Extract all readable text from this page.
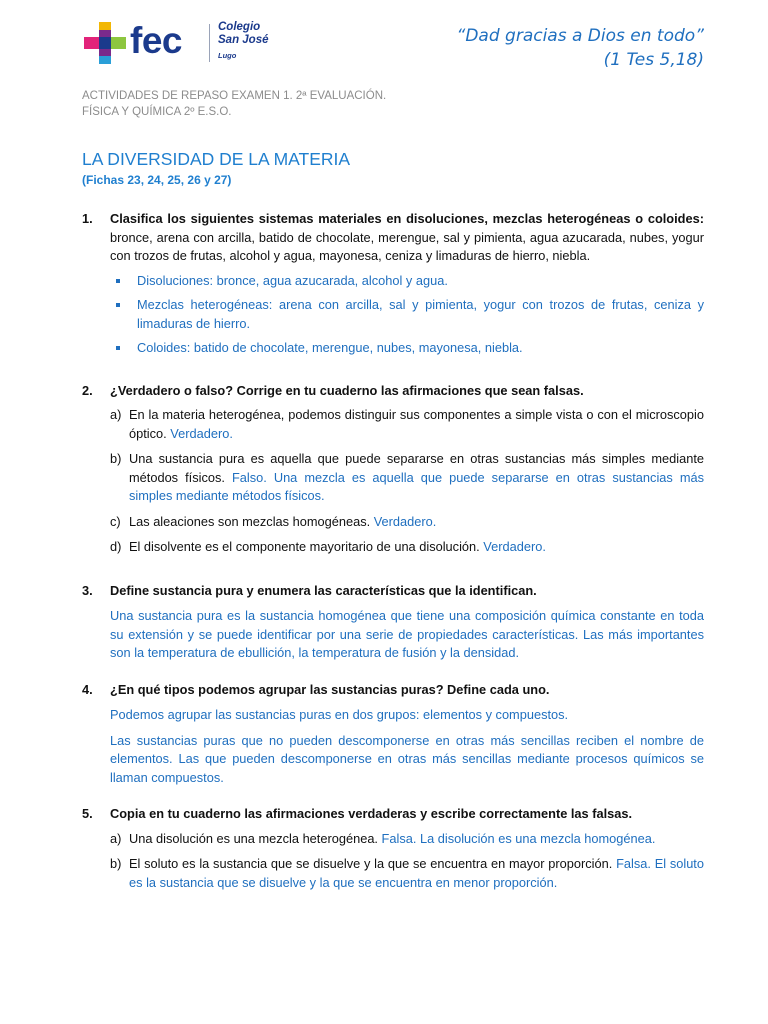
fec	Colegio
San José
Lugo
“Dad gracias a Dios en todo”
(1 Tes 5,18)
ACTIVIDADES DE REPASO EXAMEN 1. 2ª EVALUACIÓN.
FÍSICA Y QUÍMICA 2º E.S.O.
LA DIVERSIDAD DE LA MATERIA
(Fichas 23, 24, 25, 26 y 27)
1. Clasifica los siguientes sistemas materiales en disoluciones, mezclas heterogéneas o coloides: bronce, arena con arcilla, batido de chocolate, merengue, sal y pimienta, agua azucarada, nubes, yogur con trozos de frutas, alcohol y agua, mayonesa, ceniza y limaduras de hierro, niebla.
Disoluciones: bronce, agua azucarada, alcohol y agua.
Mezclas heterogéneas: arena con arcilla, sal y pimienta, yogur con trozos de frutas, ceniza y limaduras de hierro.
Coloides: batido de chocolate, merengue, nubes, mayonesa, niebla.
2. ¿Verdadero o falso? Corrige en tu cuaderno las afirmaciones que sean falsas.
a) En la materia heterogénea, podemos distinguir sus componentes a simple vista o con el microscopio óptico. Verdadero.
b) Una sustancia pura es aquella que puede separarse en otras sustancias más simples mediante métodos físicos. Falso. Una mezcla es aquella que puede separarse en otras sustancias más simples mediante métodos físicos.
c) Las aleaciones son mezclas homogéneas. Verdadero.
d) El disolvente es el componente mayoritario de una disolución. Verdadero.
3. Define sustancia pura y enumera las características que la identifican.
Una sustancia pura es la sustancia homogénea que tiene una composición química constante en toda su extensión y se puede identificar por una serie de propiedades características. Las más importantes son la temperatura de ebullición, la temperatura de fusión y la densidad.
4. ¿En qué tipos podemos agrupar las sustancias puras? Define cada uno.
Podemos agrupar las sustancias puras en dos grupos: elementos y compuestos.
Las sustancias puras que no pueden descomponerse en otras más sencillas reciben el nombre de elementos. Las que pueden descomponerse en otras más sencillas mediante procesos químicos se llaman compuestos.
5. Copia en tu cuaderno las afirmaciones verdaderas y escribe correctamente las falsas.
a) Una disolución es una mezcla heterogénea. Falsa. La disolución es una mezcla homogénea.
b) El soluto es la sustancia que se disuelve y la que se encuentra en mayor proporción. Falsa. El soluto es la sustancia que se disuelve y la que se encuentra en menor proporción.
